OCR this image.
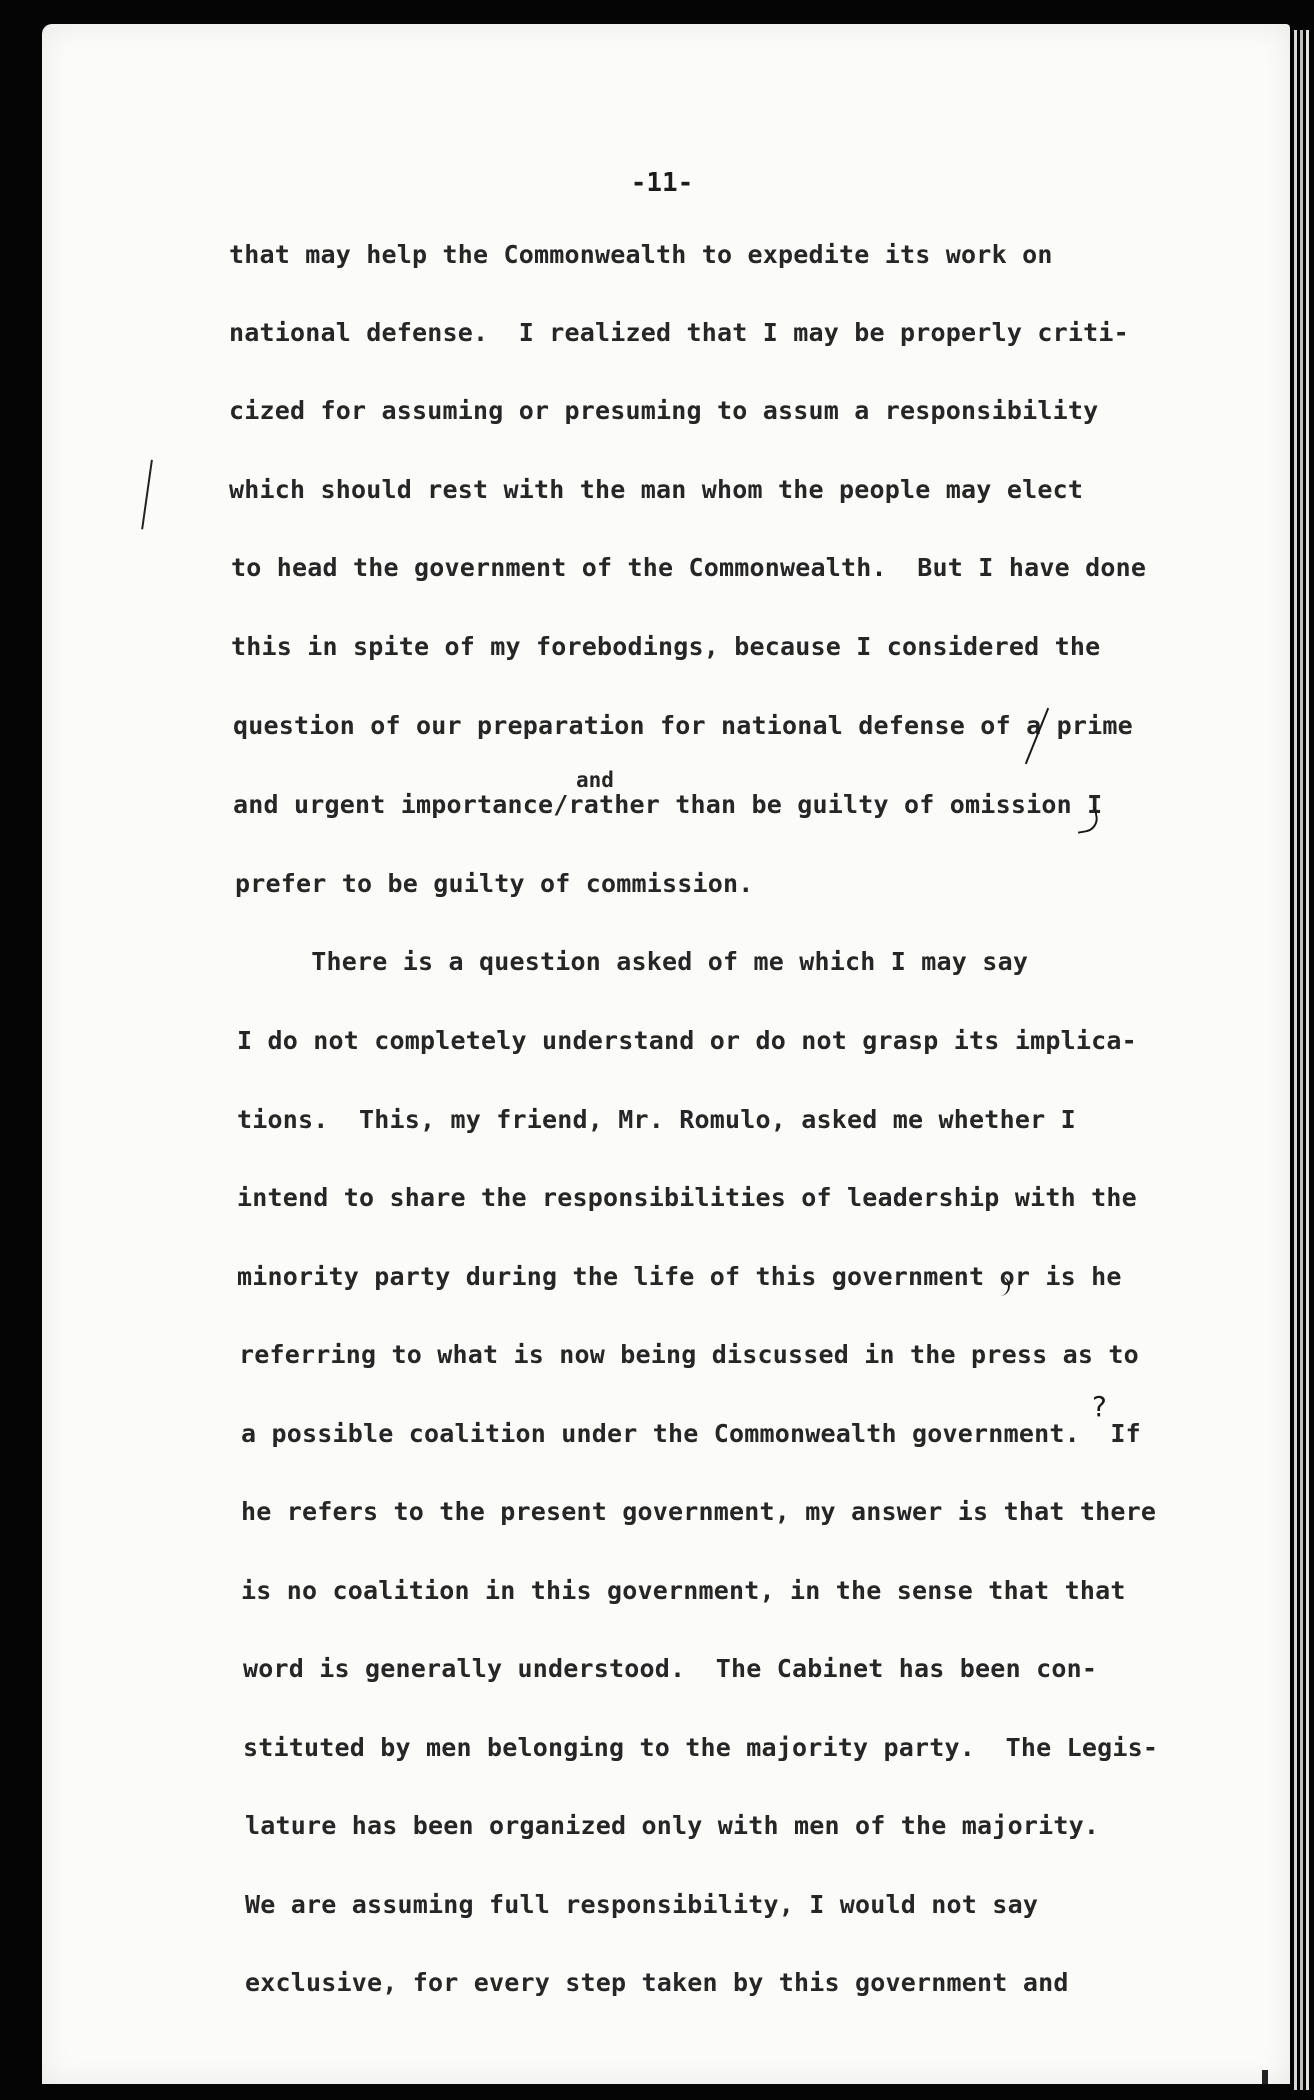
-11-
that may help the Commonwealth to expedite its work on
national defense.  I realized that I may be properly criti-
cized for assuming or presuming to assum a responsibility
which should rest with the man whom the people may elect
to head the government of the Commonwealth.  But I have done
this in spite of my forebodings, because I considered the
question of our preparation for national defense of a prime
and urgent importance/rather than be guilty of omission I
prefer to be guilty of commission.
There is a question asked of me which I may say
I do not completely understand or do not grasp its implica-
tions.  This, my friend, Mr. Romulo, asked me whether I
intend to share the responsibilities of leadership with the
minority party during the life of this government or is he
referring to what is now being discussed in the press as to
a possible coalition under the Commonwealth government.  If
he refers to the present government, my answer is that there
is no coalition in this government, in the sense that that
word is generally understood.  The Cabinet has been con-
stituted by men belonging to the majority party.  The Legis-
lature has been organized only with men of the majority.
We are assuming full responsibility, I would not say
exclusive, for every step taken by this government and
and
?
